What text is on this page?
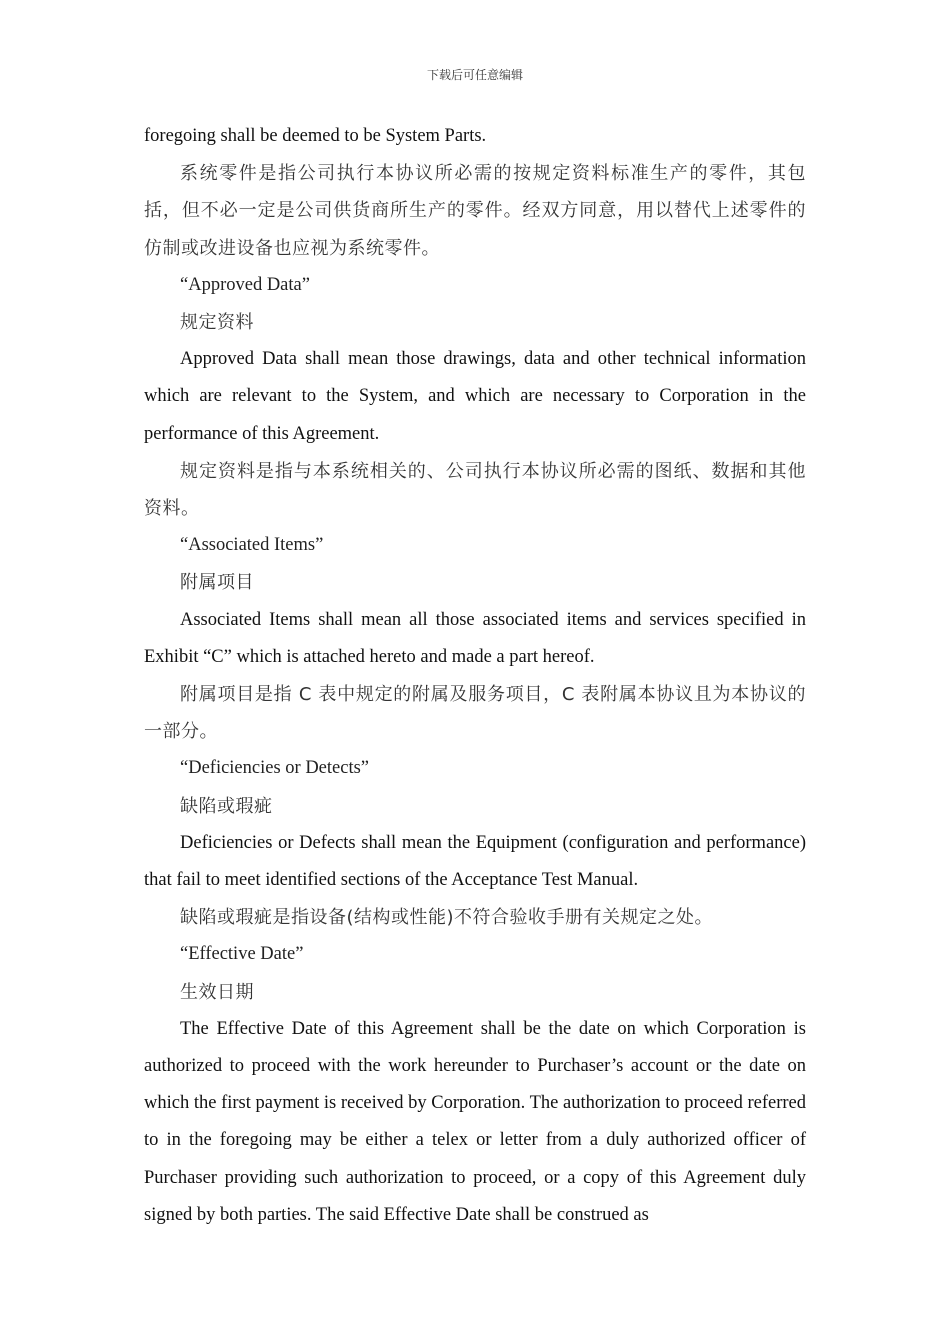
下载后可任意编辑

foregoing shall be deemed to be System Parts.

系统零件是指公司执行本协议所必需的按规定资料标准生产的零件，其包括，但不必一定是公司供货商所生产的零件。经双方同意，用以替代上述零件的仿制或改进设备也应视为系统零件。

“Approved Data”

规定资料

Approved Data shall mean those drawings, data and other technical information which are relevant to the System, and which are necessary to Corporation in the performance of this Agreement.

规定资料是指与本系统相关的、公司执行本协议所必需的图纸、数据和其他资料。

“Associated Items”

附属项目

Associated Items shall mean all those associated items and services specified in Exhibit “C” which is attached hereto and made a part hereof.

附属项目是指 C 表中规定的附属及服务项目，C 表附属本协议且为本协议的一部分。

“Deficiencies or Detects”

缺陷或瑕疵

Deficiencies or Defects shall mean the Equipment (configuration and performance) that fail to meet identified sections of the Acceptance Test Manual.

缺陷或瑕疵是指设备(结构或性能)不符合验收手册有关规定之处。

“Effective Date”

生效日期

The Effective Date of this Agreement shall be the date on which Corporation is authorized to proceed with the work hereunder to Purchaser’s account or the date on which the first payment is received by Corporation. The authorization to proceed referred to in the foregoing may be either a telex or letter from a duly authorized officer of Purchaser providing such authorization to proceed, or a copy of this Agreement duly signed by both parties. The said Effective Date shall be construed as
